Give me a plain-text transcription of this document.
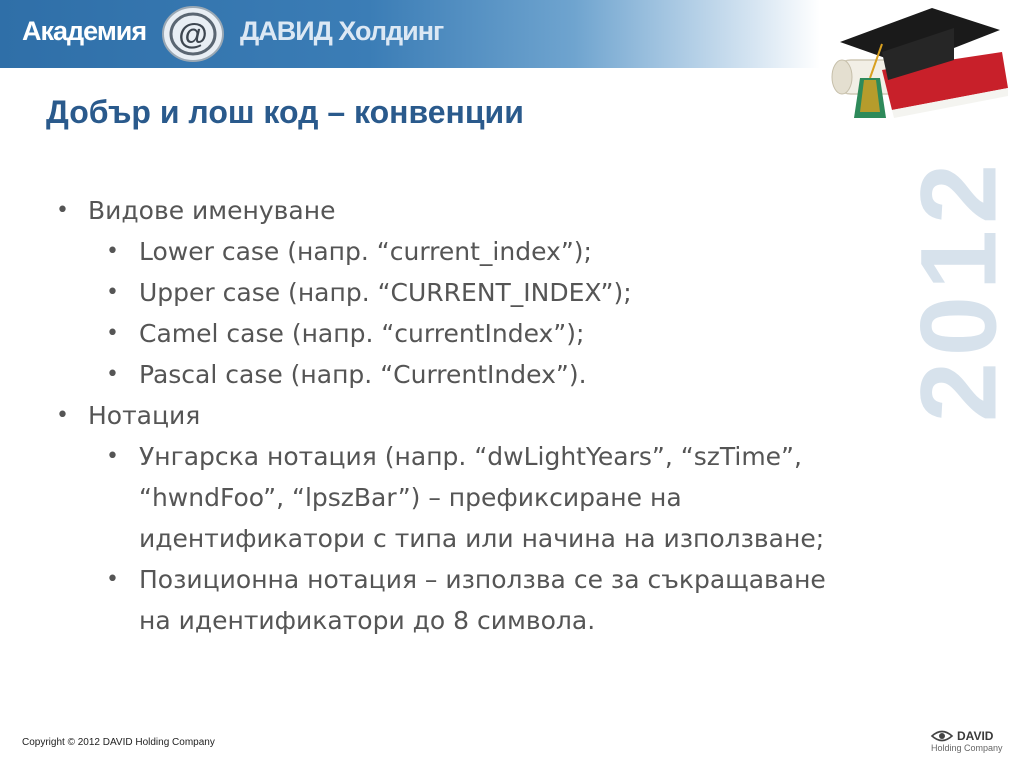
Академия @ ДАВИД Холдинг
Добър и лош код – конвенции
2012
• Видове именуване

• Lower case (напр. “current_index”);

• Upper case (напр. “CURRENT_INDEX”);

• Camel case (напр. “currentIndex”);

• Pascal case (напр. “CurrentIndex”).

• Нотация

• Унгарска нотация (напр. “dwLightYears”, “szTime”,

“hwndFoo”, “lpszBar”) – префиксиране на

идентификатори с типа или начина на използване;

• Позиционна нотация – използва се за съкращаване

на идентификатори до 8 символа.

Copyright © 2012 DAVID Holding Company	DAVID
Holding Company
